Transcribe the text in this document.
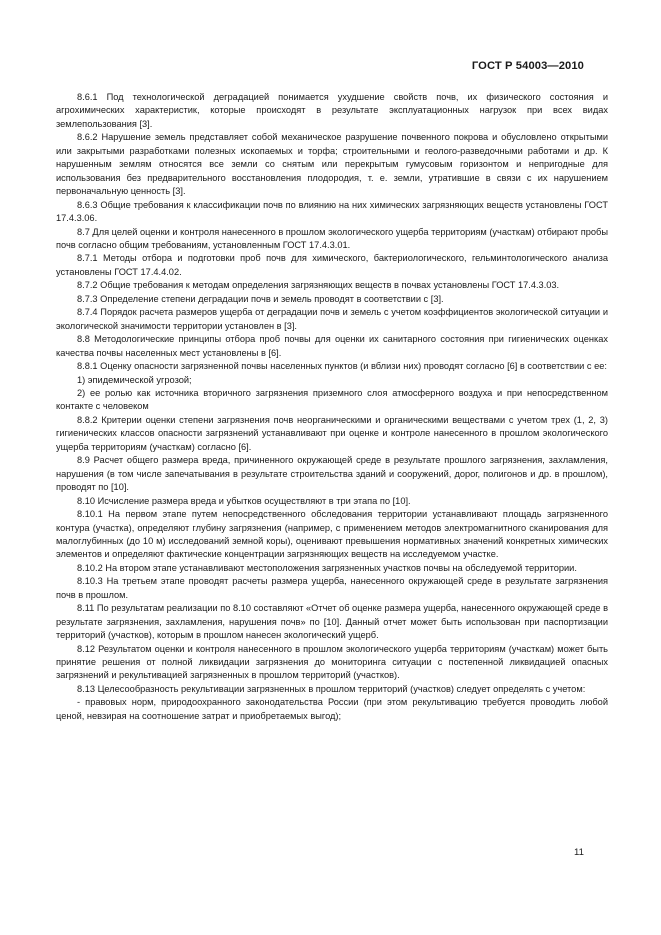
ГОСТ Р 54003—2010

8.6.1 Под технологической деградацией понимается ухудшение свойств почв, их физического состояния и агрохимических характеристик, которые происходят в результате эксплуатационных нагрузок при всех видах землепользования [3].

8.6.2 Нарушение земель представляет собой механическое разрушение почвенного покрова и обусловлено открытыми или закрытыми разработками полезных ископаемых и торфа; строительными и геолого-разведочными работами и др. К нарушенным землям относятся все земли со снятым или перекрытым гумусовым горизонтом и непригодные для использования без предварительного восстановления плодородия, т. е. земли, утратившие в связи с их нарушением первоначальную ценность [3].

8.6.3 Общие требования к классификации почв по влиянию на них химических загрязняющих веществ установлены ГОСТ 17.4.3.06.

8.7 Для целей оценки и контроля нанесенного в прошлом экологического ущерба территориям (участкам) отбирают пробы почв согласно общим требованиям, установленным ГОСТ 17.4.3.01.

8.7.1 Методы отбора и подготовки проб почв для химического, бактериологического, гельминтологического анализа установлены ГОСТ 17.4.4.02.

8.7.2 Общие требования к методам определения загрязняющих веществ в почвах установлены ГОСТ 17.4.3.03.

8.7.3 Определение степени деградации почв и земель проводят в соответствии с [3].

8.7.4 Порядок расчета размеров ущерба от деградации почв и земель с учетом коэффициентов экологической ситуации и экологической значимости территории установлен в [3].

8.8 Методологические принципы отбора проб почвы для оценки их санитарного состояния при гигиенических оценках качества почвы населенных мест установлены в [6].

8.8.1 Оценку опасности загрязненной почвы населенных пунктов (и вблизи них) проводят согласно [6] в соответствии с ее:

1) эпидемической угрозой;

2) ее ролью как источника вторичного загрязнения приземного слоя атмосферного воздуха и при непосредственном контакте с человеком

8.8.2 Критерии оценки степени загрязнения почв неорганическими и органическими веществами с учетом трех (1, 2, 3) гигиенических классов опасности загрязнений устанавливают при оценке и контроле нанесенного в прошлом экологического ущерба территориям (участкам) согласно [6].

8.9 Расчет общего размера вреда, причиненного окружающей среде в результате прошлого загрязнения, захламления, нарушения (в том числе запечатывания в результате строительства зданий и сооружений, дорог, полигонов и др. в прошлом), проводят по [10].

8.10 Исчисление размера вреда и убытков осуществляют в три этапа по [10].

8.10.1 На первом этапе путем непосредственного обследования территории устанавливают площадь загрязненного контура (участка), определяют глубину загрязнения (например, с применением методов электромагнитного сканирования для малоглубинных (до 10 м) исследований земной коры), оценивают превышения нормативных значений конкретных химических элементов и определяют фактические концентрации загрязняющих веществ на исследуемом участке.

8.10.2 На втором этапе устанавливают местоположения загрязненных участков почвы на обследуемой территории.

8.10.3 На третьем этапе проводят расчеты размера ущерба, нанесенного окружающей среде в результате загрязнения почв в прошлом.

8.11 По результатам реализации по 8.10 составляют «Отчет об оценке размера ущерба, нанесенного окружающей среде в результате загрязнения, захламления, нарушения почв» по [10]. Данный отчет может быть использован при паспортизации территорий (участков), которым в прошлом нанесен экологический ущерб.

8.12 Результатом оценки и контроля нанесенного в прошлом экологического ущерба территориям (участкам) может быть принятие решения от полной ликвидации загрязнения до мониторинга ситуации с постепенной ликвидацией опасных загрязнений и рекультивацией загрязненных в прошлом территорий (участков).

8.13 Целесообразность рекультивации загрязненных в прошлом территорий (участков) следует определять с учетом:

- правовых норм, природоохранного законодательства России (при этом рекультивацию требуется проводить любой ценой, невзирая на соотношение затрат и приобретаемых выгод);

11
